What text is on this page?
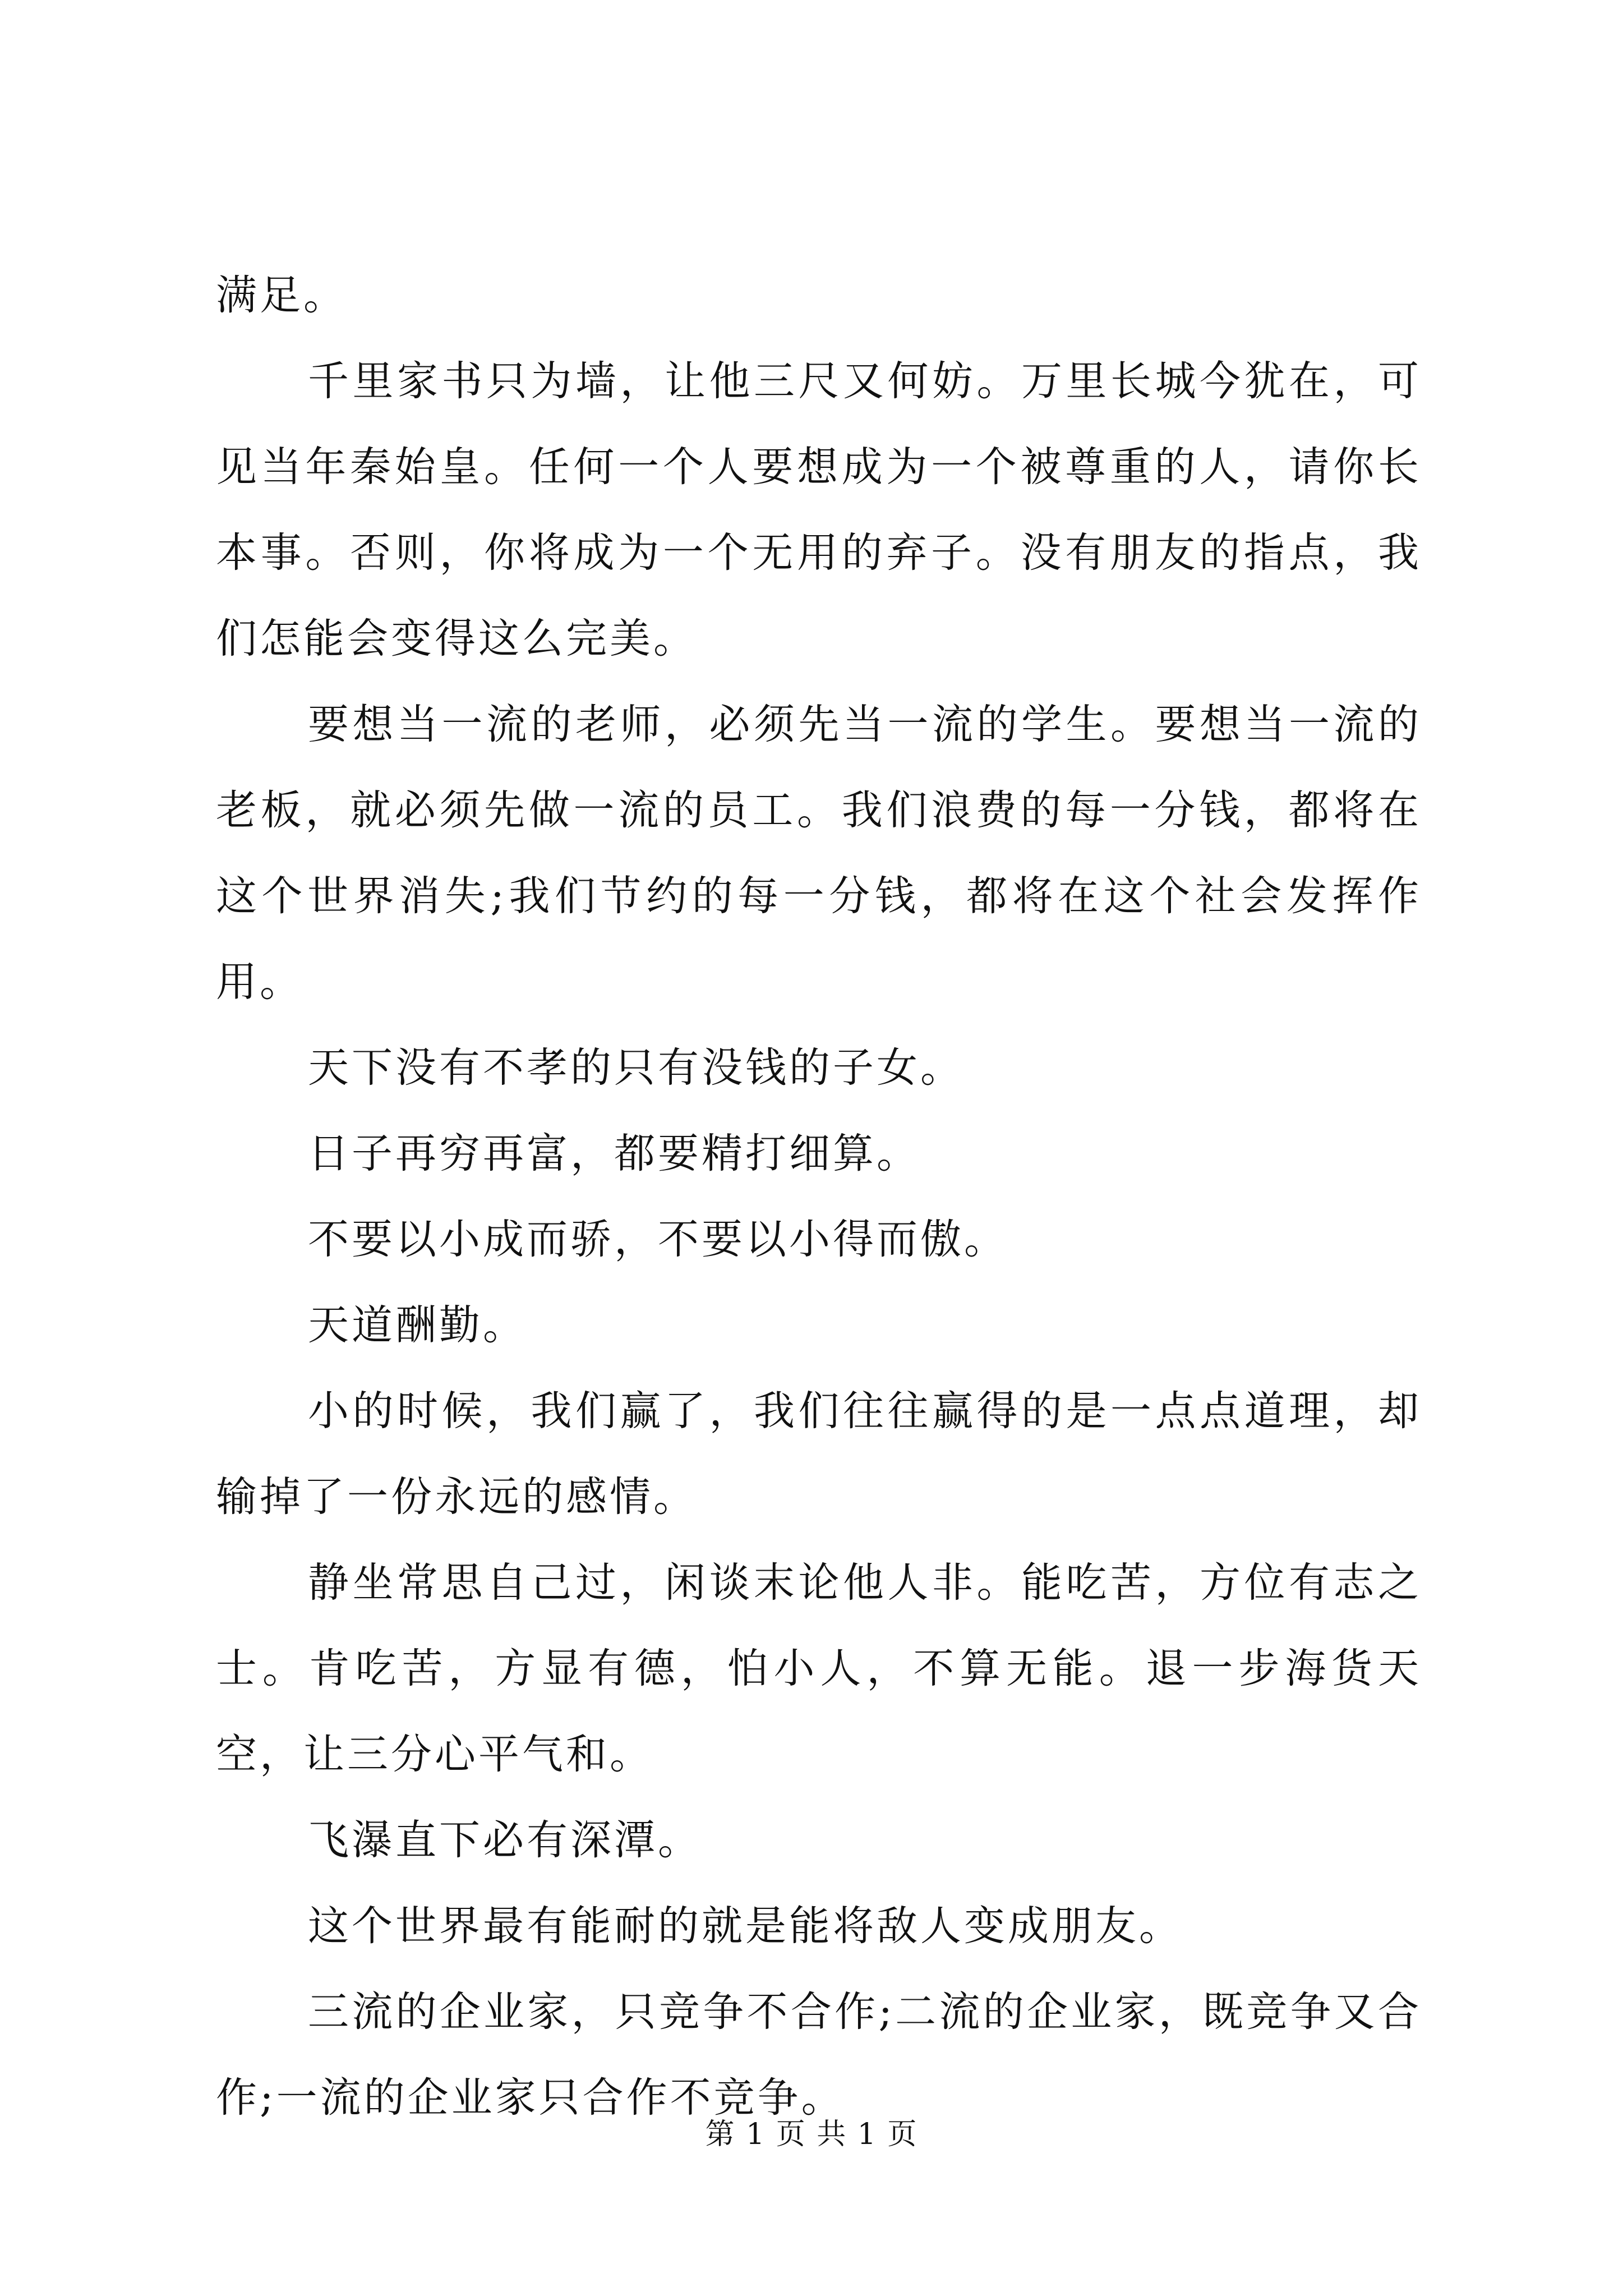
满足。

千里家书只为墙，让他三尺又何妨。万里长城今犹在，可见当年秦始皇。任何一个人要想成为一个被尊重的人，请你长本事。否则，你将成为一个无用的弃子。没有朋友的指点，我们怎能会变得这么完美。

要想当一流的老师，必须先当一流的学生。要想当一流的老板，就必须先做一流的员工。我们浪费的每一分钱，都将在这个世界消失;我们节约的每一分钱，都将在这个社会发挥作用。

天下没有不孝的只有没钱的子女。

日子再穷再富，都要精打细算。

不要以小成而骄，不要以小得而傲。

天道酬勤。

小的时候，我们赢了，我们往往赢得的是一点点道理，却输掉了一份永远的感情。

静坐常思自己过，闲谈末论他人非。能吃苦，方位有志之士。肯吃苦，方显有德，怕小人，不算无能。退一步海货天空，让三分心平气和。

飞瀑直下必有深潭。

这个世界最有能耐的就是能将敌人变成朋友。

三流的企业家，只竞争不合作;二流的企业家，既竞争又合作;一流的企业家只合作不竞争。

第 1 页 共 1 页
